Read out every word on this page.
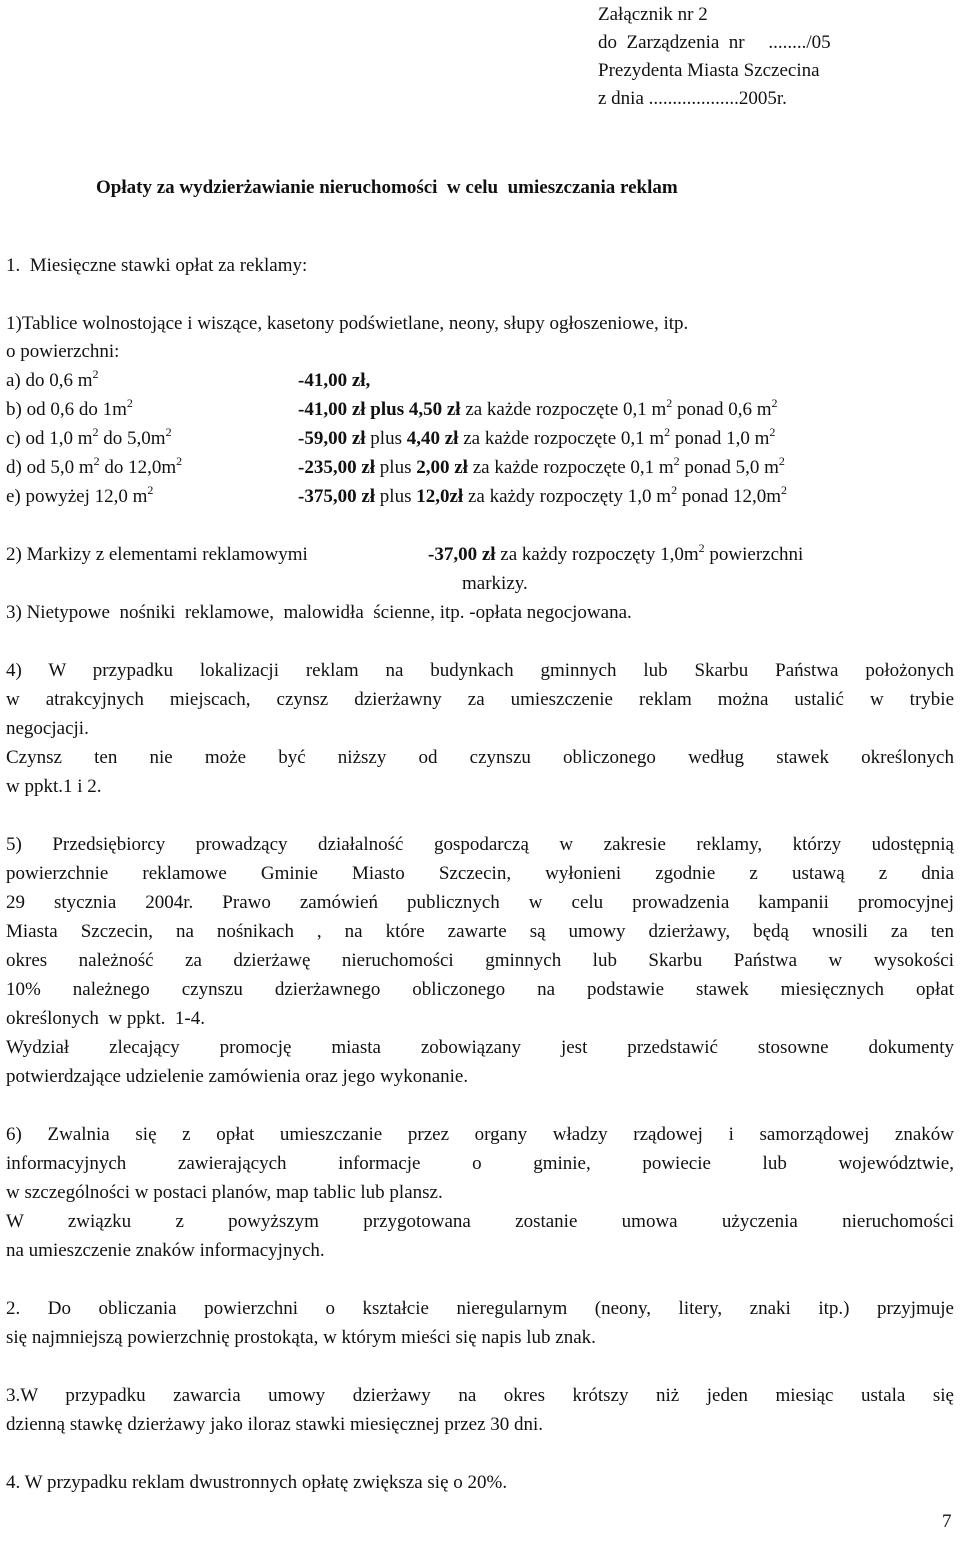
Załącznik nr 2
do  Zarządzenia  nr     ......../05
Prezydenta Miasta Szczecina
z dnia ...................2005r.
Opłaty za wydzierżawianie nieruchomości  w celu  umieszczania reklam
1.  Miesięczne stawki opłat za reklamy:
1)Tablice wolnostojące i wiszące, kasetony podświetlane, neony, słupy ogłoszeniowe, itp.
o powierzchni:
a) do 0,6 $m^2$	-41,00 zł,
b) od 0,6 do $1m^2$	-41,00 zł plus 4,50 zł za każde rozpoczęte 0,1 $m^2$ ponad 0,6 $m^2$
c) od 1,0 $m^2$ do $5,0m^2$	-59,00 zł plus 4,40 zł za każde rozpoczęte 0,1 $m^2$ ponad 1,0 $m^2$
d) od 5,0 $m^2$ do $12,0m^2$	-235,00 zł plus 2,00 zł za każde rozpoczęte 0,1 $m^2$ ponad 5,0 $m^2$
e) powyżej 12,0 $m^2$	-375,00 zł plus 12,0zł za każdy rozpoczęty 1,0 $m^2$ ponad $12,0m^2$
2) Markizy z elementami reklamowymi	-37,00 zł za każdy rozpoczęty $1,0m^2$ powierzchni
markizy.
3) Nietypowe  nośniki  reklamowe,  malowidła  ścienne, itp. -opłata negocjowana.
4) W przypadku lokalizacji reklam na budynkach gminnych lub Skarbu Państwa położonych
w atrakcyjnych miejscach, czynsz dzierżawny za umieszczenie reklam można ustalić w trybie
negocjacji.
Czynsz ten nie może być niższy od czynszu obliczonego według stawek określonych
w ppkt.1 i 2.
5) Przedsiębiorcy prowadzący działalność gospodarczą w zakresie reklamy, którzy udostępnią
powierzchnie reklamowe Gminie Miasto Szczecin, wyłonieni zgodnie z ustawą z dnia
29 stycznia 2004r. Prawo zamówień publicznych w celu prowadzenia kampanii promocyjnej
Miasta Szczecin, na nośnikach , na które zawarte są umowy dzierżawy, będą wnosili za ten
okres należność za dzierżawę nieruchomości gminnych lub Skarbu Państwa w wysokości
10% należnego czynszu dzierżawnego obliczonego na podstawie stawek miesięcznych opłat
określonych  w ppkt.  1-4.
Wydział zlecający promocję miasta zobowiązany jest przedstawić stosowne dokumenty
potwierdzające udzielenie zamówienia oraz jego wykonanie.
6) Zwalnia się z opłat umieszczanie przez organy władzy rządowej i samorządowej znaków
informacyjnych zawierających informacje o gminie, powiecie lub województwie,
w szczególności w postaci planów, map tablic lub plansz.
W związku z powyższym przygotowana zostanie umowa użyczenia nieruchomości
na umieszczenie znaków informacyjnych.
2. Do obliczania powierzchni o kształcie nieregularnym (neony, litery, znaki itp.) przyjmuje
się najmniejszą powierzchnię prostokąta, w którym mieści się napis lub znak.
3.W przypadku zawarcia umowy dzierżawy na okres krótszy niż jeden miesiąc ustala się
dzienną stawkę dzierżawy jako iloraz stawki miesięcznej przez 30 dni.
4. W przypadku reklam dwustronnych opłatę zwiększa się o 20%.
7
